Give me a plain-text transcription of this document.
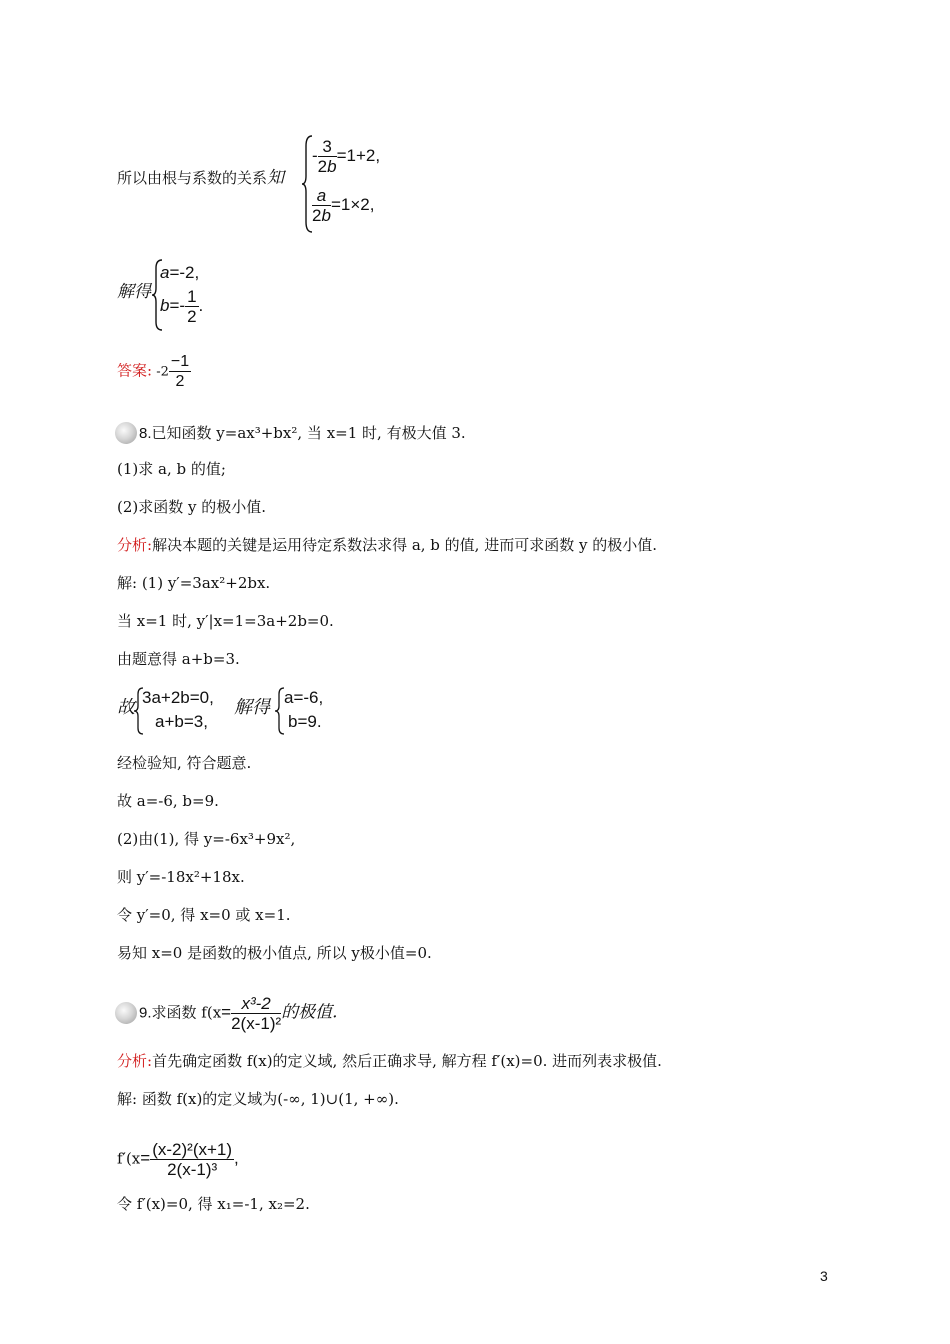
所以由根与系数的关系知
- $\frac{3}{2b} =1+2$,
$\frac{a}{2b} =1\times 2$,
解得
a=-2,
$b=- \frac{1}{2}$ .
答案: $-2 \frac{-1}{2}$
8.已知函数 y=ax³+bx², 当 x=1 时, 有极大值 3.
(1)求 a, b 的值;
(2)求函数 y 的极小值.
分析:解决本题的关键是运用待定系数法求得 a, b 的值, 进而可求函数 y 的极小值.
解: (1) y′=3ax²+2bx.
当 x=1 时, y′|x=1=3a+2b=0.
由题意得 a+b=3.
故 3a+2b=0,
a+b=3,
解得 a=-6,
b=9.
经检验知, 符合题意.
故 a=-6, b=9.
(2)由(1), 得 y=-6x³+9x²,
则 y′=-18x²+18x.
令 y′=0, 得 x=0 或 x=1.
易知 x=0 是函数的极小值点, 所以 y极小值=0.
9.求函数 $f(x= \frac{\text{x³-2}}{\text{2(x-1)²}}$ 的极值.
分析:首先确定函数 f(x)的定义域, 然后正确求导, 解方程 f′(x)=0. 进而列表求极值.
解: 函数 f(x)的定义域为(-∞, 1)∪(1, +∞).
$f'(x= \frac{\text{(x-2)²(x+1)}}{\text{2(x-1)³}}$ ,
令 f′(x)=0, 得 x₁=-1, x₂=2.
3
